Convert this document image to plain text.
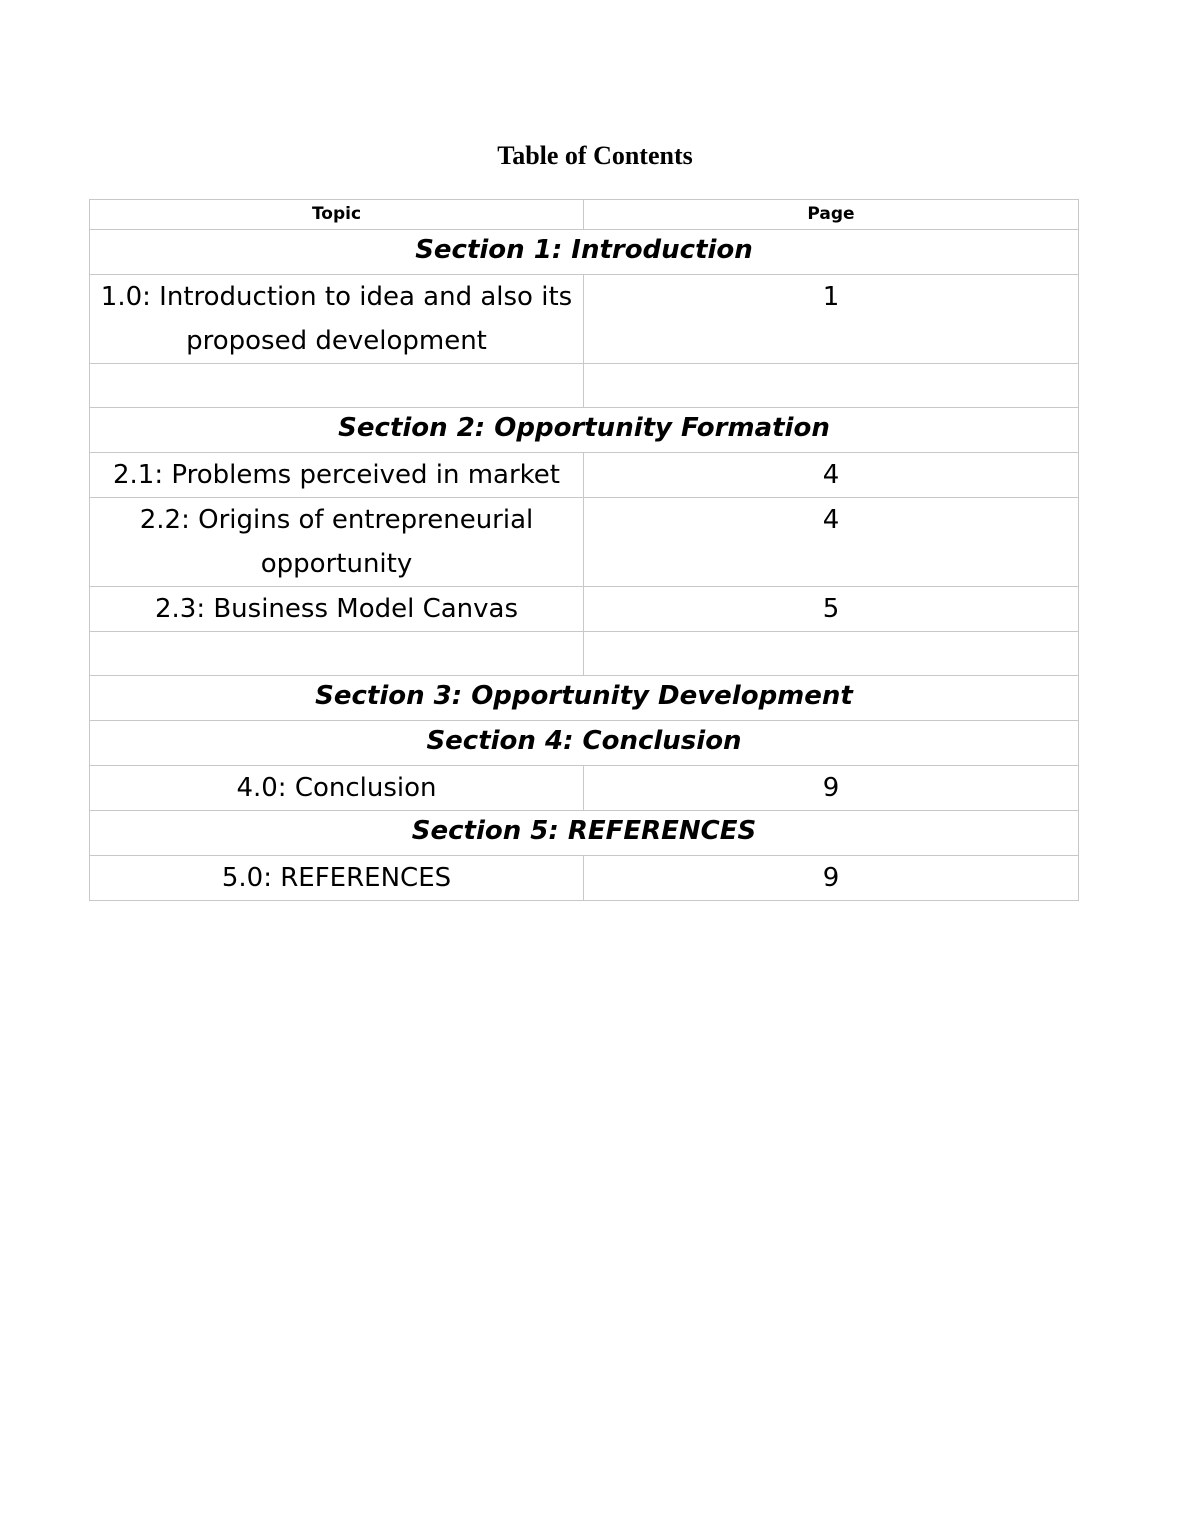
Table of Contents
Topic	Page
Section 1: Introduction	
1.0: Introduction to idea and also its proposed development	1

Section 2: Opportunity Formation	
2.1: Problems perceived in market	4
2.2: Origins of entrepreneurial opportunity	4
2.3: Business Model Canvas	5

Section 3: Opportunity Development	
Section 4: Conclusion	
4.0: Conclusion	9
Section 5: REFERENCES	
5.0: REFERENCES	9
